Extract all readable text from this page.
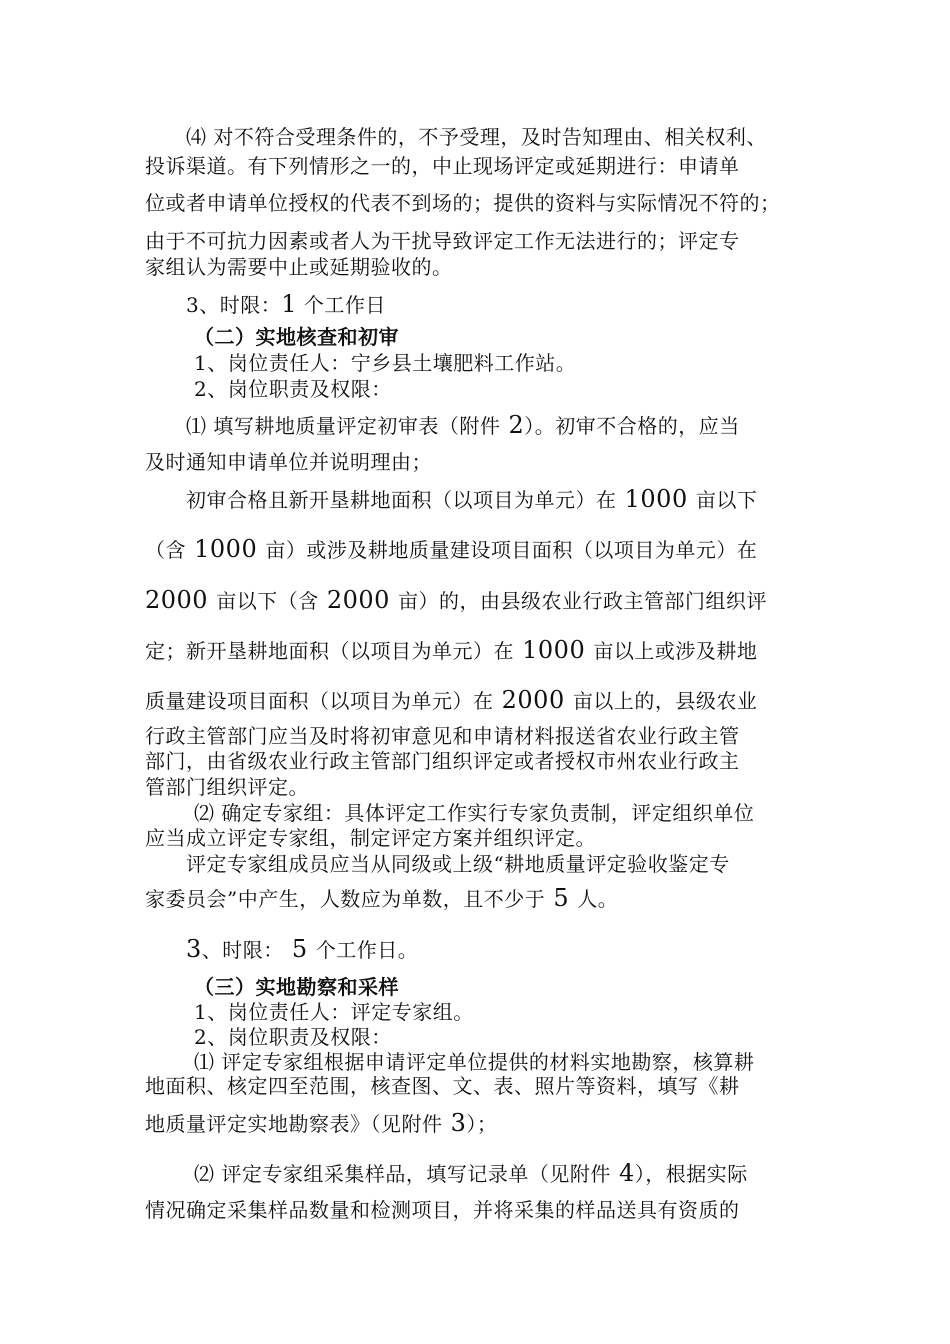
⑷ 对不符合受理条件的，不予受理，及时告知理由、相关权利、
投诉渠道。有下列情形之一的，中止现场评定或延期进行：申请单
位或者申请单位授权的代表不到场的；提供的资料与实际情况不符的；
由于不可抗力因素或者人为干扰导致评定工作无法进行的；评定专
家组认为需要中止或延期验收的。
3、时限：1 个工作日
（二）实地核查和初审
1、岗位责任人：宁乡县土壤肥料工作站。
2、岗位职责及权限：
⑴ 填写耕地质量评定初审表（附件 2）。初审不合格的，应当
及时通知申请单位并说明理由；
初审合格且新开垦耕地面积（以项目为单元）在 1000 亩以下
（含 1000 亩）或涉及耕地质量建设项目面积（以项目为单元）在
2000 亩以下（含 2000 亩）的，由县级农业行政主管部门组织评
定；新开垦耕地面积（以项目为单元）在 1000 亩以上或涉及耕地
质量建设项目面积（以项目为单元）在 2000 亩以上的，县级农业
行政主管部门应当及时将初审意见和申请材料报送省农业行政主管
部门，由省级农业行政主管部门组织评定或者授权市州农业行政主
管部门组织评定。
⑵ 确定专家组：具体评定工作实行专家负责制，评定组织单位
应当成立评定专家组，制定评定方案并组织评定。
评定专家组成员应当从同级或上级“耕地质量评定验收鉴定专
家委员会”中产生，人数应为单数，且不少于 5 人。
3、时限： 5 个工作日。
（三）实地勘察和采样
1、岗位责任人：评定专家组。
2、岗位职责及权限：
⑴ 评定专家组根据申请评定单位提供的材料实地勘察，核算耕
地面积、核定四至范围，核查图、文、表、照片等资料，填写《耕
地质量评定实地勘察表》（见附件 3）；
⑵ 评定专家组采集样品，填写记录单（见附件 4），根据实际
情况确定采集样品数量和检测项目，并将采集的样品送具有资质的
